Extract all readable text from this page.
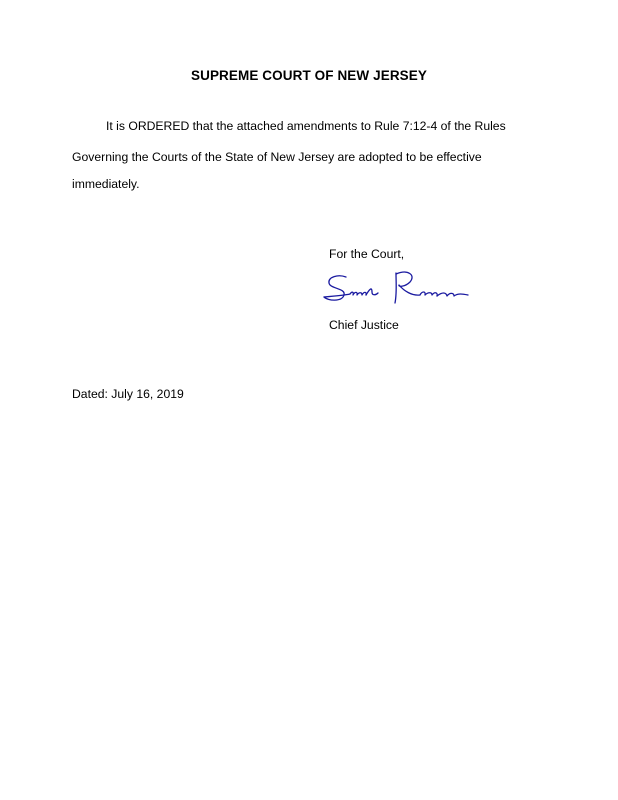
SUPREME COURT OF NEW JERSEY
It is ORDERED that the attached amendments to Rule 7:12-4 of the Rules
Governing the Courts of the State of New Jersey are adopted to be effective
immediately.
For the Court,
Chief Justice
Dated: July 16, 2019
